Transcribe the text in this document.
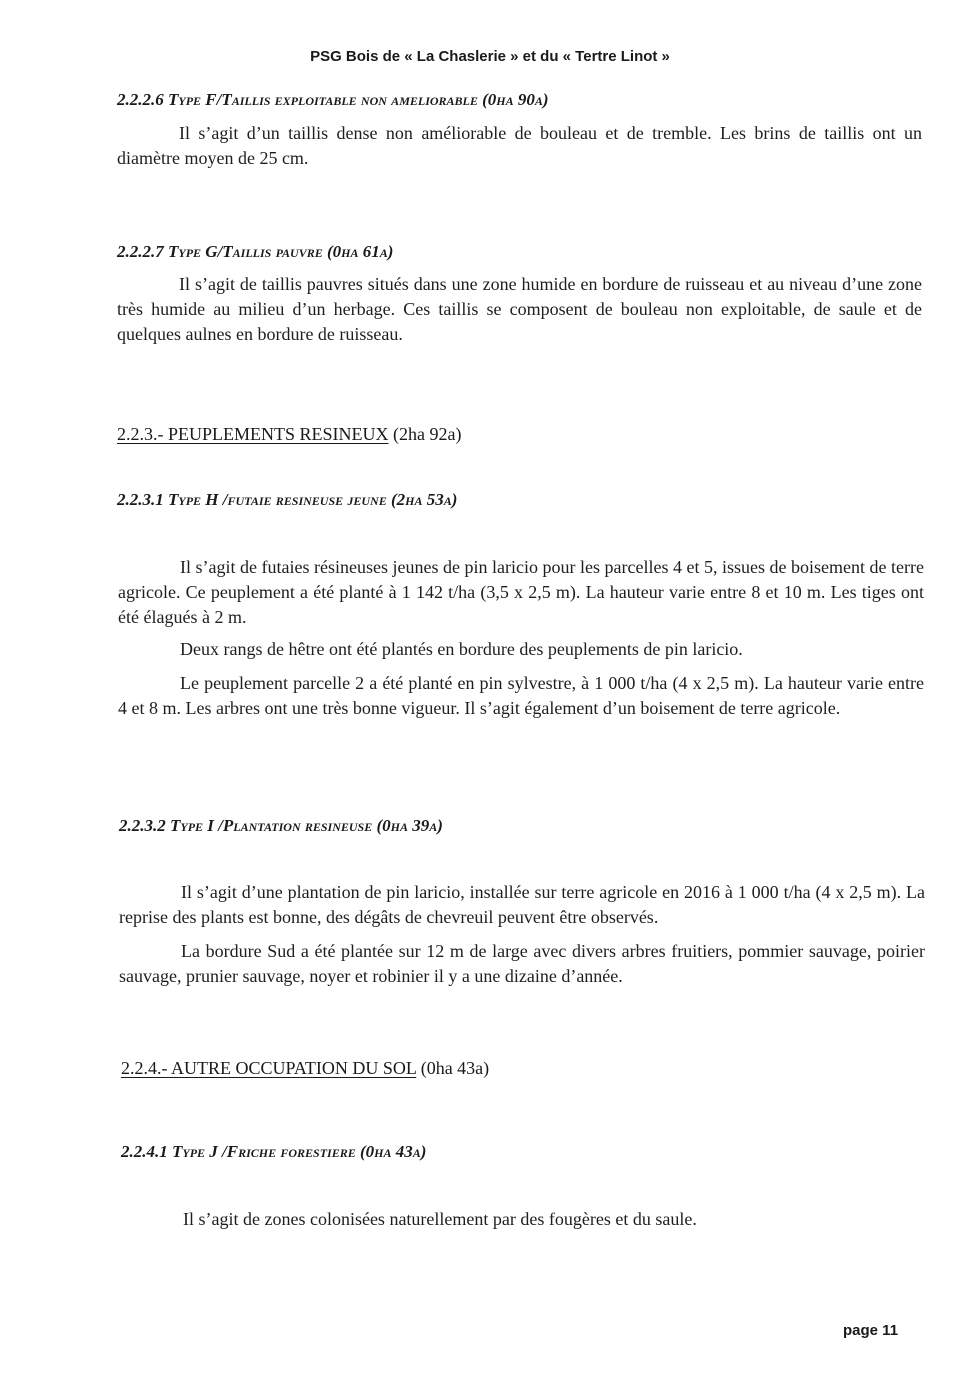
PSG Bois de « La Chaslerie » et du « Tertre Linot »
2.2.2.6 Type F/Taillis exploitable non ameliorable (0ha 90a)
Il s’agit d’un taillis dense non améliorable de bouleau et de tremble. Les brins de taillis ont un diamètre moyen de 25 cm.
2.2.2.7 Type G/Taillis pauvre (0ha 61a)
Il s’agit de taillis pauvres situés dans une zone humide en bordure de ruisseau et au niveau d’une zone très humide au milieu d’un herbage. Ces taillis se composent de bouleau non exploitable, de saule et de quelques aulnes en bordure de ruisseau.
2.2.3.- PEUPLEMENTS RESINEUX (2ha 92a)
2.2.3.1 Type H /futaie resineuse jeune (2ha 53a)
Il s’agit de futaies résineuses jeunes de pin laricio pour les parcelles 4 et 5, issues de boisement de terre agricole. Ce peuplement a été planté à 1 142 t/ha (3,5 x 2,5 m). La hauteur varie entre 8 et 10 m. Les tiges ont été élagués à 2 m.
Deux rangs de hêtre ont été plantés en bordure des peuplements de pin laricio.
Le peuplement parcelle 2 a été planté en pin sylvestre, à 1 000 t/ha (4 x 2,5 m). La hauteur varie entre 4 et 8 m. Les arbres ont une très bonne vigueur. Il s’agit également d’un boisement de terre agricole.
2.2.3.2 Type I /Plantation resineuse (0ha 39a)
Il s’agit d’une plantation de pin laricio, installée sur terre agricole en 2016 à 1 000 t/ha (4 x 2,5 m). La reprise des plants est bonne, des dégâts de chevreuil peuvent être observés.
La bordure Sud a été plantée sur 12 m de large avec divers arbres fruitiers, pommier sauvage, poirier sauvage, prunier sauvage, noyer et robinier il y a une dizaine d’année.
2.2.4.- AUTRE OCCUPATION DU SOL (0ha 43a)
2.2.4.1 Type J /Friche forestiere (0ha 43a)
Il s’agit de zones colonisées naturellement par des fougères et du saule.
page 11
